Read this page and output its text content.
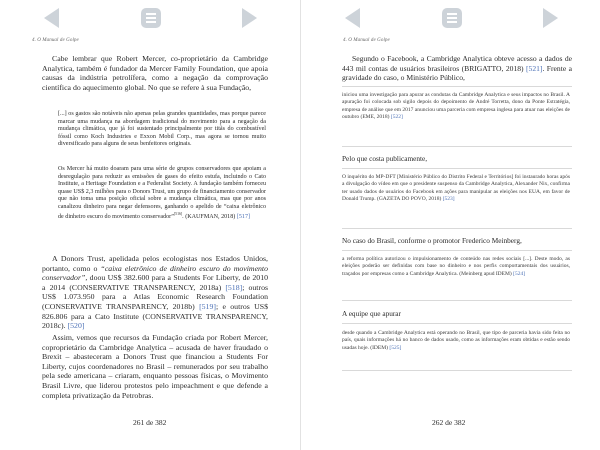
4. O Manual de Golpe

Cabe lembrar que Robert Mercer, co-proprietário da Cambridge Analytica, também é fundador da Mercer Family Foundation, que apoia causas da indústria petrolífera, como a negação da comprovação científica do aquecimento global. No que se refere à sua Fundação,

[...] os gastos são notáveis não apenas pelas grandes quantidades, mas porque parece marcar uma mudança na abordagem tradicional do movimento para a negação da mudança climática, que já foi sustentado principalmente por titãs do combustível fóssil como Koch Industries e Exxon Mobil Corp., mas agora se tornou muito diversificado para alguns de seus benfeitores originais.

Os Mercer há muito doaram para uma série de grupos conservadores que apoiam a desregulação para reduzir as emissões de gases do efeito estufa, incluindo o Cato Institute, a Heritage Foundation e a Federalist Society. A fundação também forneceu quase US$ 2,3 milhões para o Donors Trust, um grupo de financiamento conservador que não toma uma posição oficial sobre a mudança climática, mas que por anos canalizou dinheiro para negar defensores, ganhando o apelido de “caixa eletrônico de dinheiro escuro do movimento conservador”[516]. (KAUFMAN, 2018) [517]

A Donors Trust, apelidada pelos ecologistas nos Estados Unidos, portanto, como o “caixa eletrônico de dinheiro escuro do movimento conservador”, doou US$ 382.600 para a Students For Liberty, de 2010 a 2014 (CONSERVATIVE TRANSPARENCY, 2018a) [518]; outros US$ 1.073.950 para a Atlas Economic Research Foundation (CONSERVATIVE TRANSPARENCY, 2018b) [519]; e outros US$ 826.806 para a Cato Institute (CONSERVATIVE TRANSPARENCY, 2018c). [520]

Assim, vemos que recursos da Fundação criada por Robert Mercer, coproprietário da Cambridge Analytica – acusada de haver fraudado o Brexit – abasteceram a Donors Trust que financiou a Students For Liberty, cujos coordenadores no Brasil – remunerados por seu trabalho pela sede americana – criaram, enquanto pessoas físicas, o Movimento Brasil Livre, que liderou protestos pelo impeachment e que defende a completa privatização da Petrobras.

261 de 382
4. O Manual de Golpe

Segundo o Facebook, a Cambridge Analytica obteve acesso a dados de 443 mil contas de usuários brasileiros (BRIGATTO, 2018) [521]. Frente a gravidade do caso, o Ministério Público,

iniciou uma investigação para apurar as condutas da Cambridge Analytica e seus impactos no Brasil. A apuração foi colocada sob sigilo depois do depoimento de André Torretta, dono da Ponte Estratégia, empresa de análise que em 2017 anunciou uma parceria com empresa inglesa para atuar nas eleições de outubro (EME, 2018) [522]
Pelo que costa publicamente,
O inquérito do MP-DFT [Ministério Público do Distrito Federal e Territórios] foi instaurado horas após a divulgação do vídeo em que o presidente suspenso da Cambridge Analytica, Alexander Nix, confirma ter usado dados de usuários do Facebook em ações para manipular as eleições nos EUA, em favor de Donald Trump. (GAZETA DO POVO, 2018) [523]
No caso do Brasil, conforme o promotor Frederico Meinberg,
a reforma política autorizou o impulsionamento de conteúdo nas redes sociais [...]. Deste modo, as eleições poderão ser definidas com base no dinheiro e nos perfis comportamentais dos usuários, traçados por empresas como a Cambridge Analytica. (Meinberg apud IDEM) [524]
A equipe que apurar
desde quando a Cambridge Analytica está operando no Brasil, que tipo de parceria havia sido feita no país, quais informações há no banco de dados usado, como as informações eram obtidas e estão sendo usadas hoje. (IDEM) [525]
262 de 382
